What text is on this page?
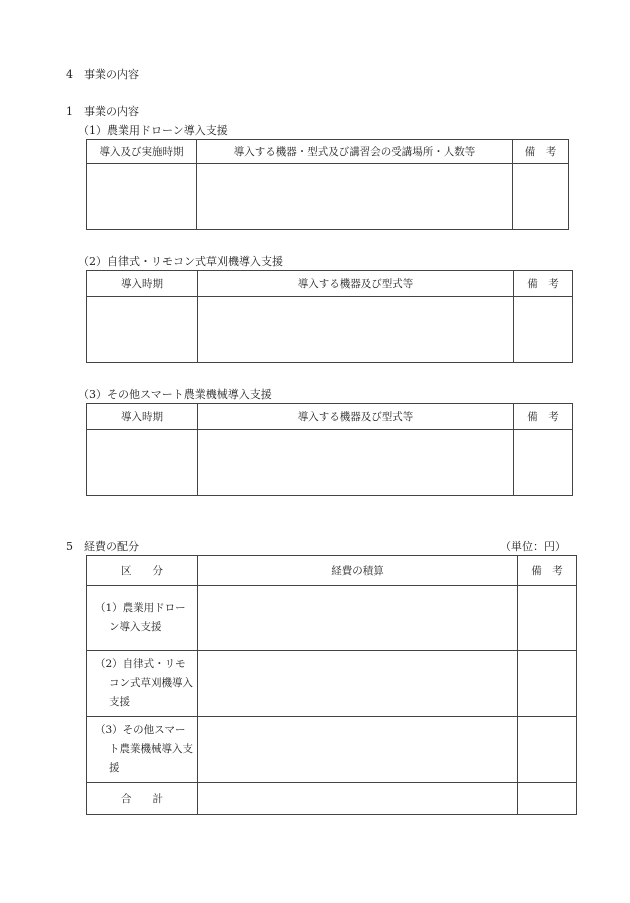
4　事業の内容
1　事業の内容
（1）農業用ドローン導入支援
導入及び実施時期	導入する機器・型式及び講習会の受講場所・人数等	備　考

（2）自律式・リモコン式草刈機導入支援
導入時期	導入する機器及び型式等	備　考

（3）その他スマート農業機械導入支援
導入時期	導入する機器及び型式等	備　考

5　経費の配分	（単位：円）
区　　分	経費の積算	備　考

（1）農業用ドローン導入支援		

（2）自律式・リモコン式草刈機導入支援		

（3）その他スマート農業機械導入支援		

合　　計		
